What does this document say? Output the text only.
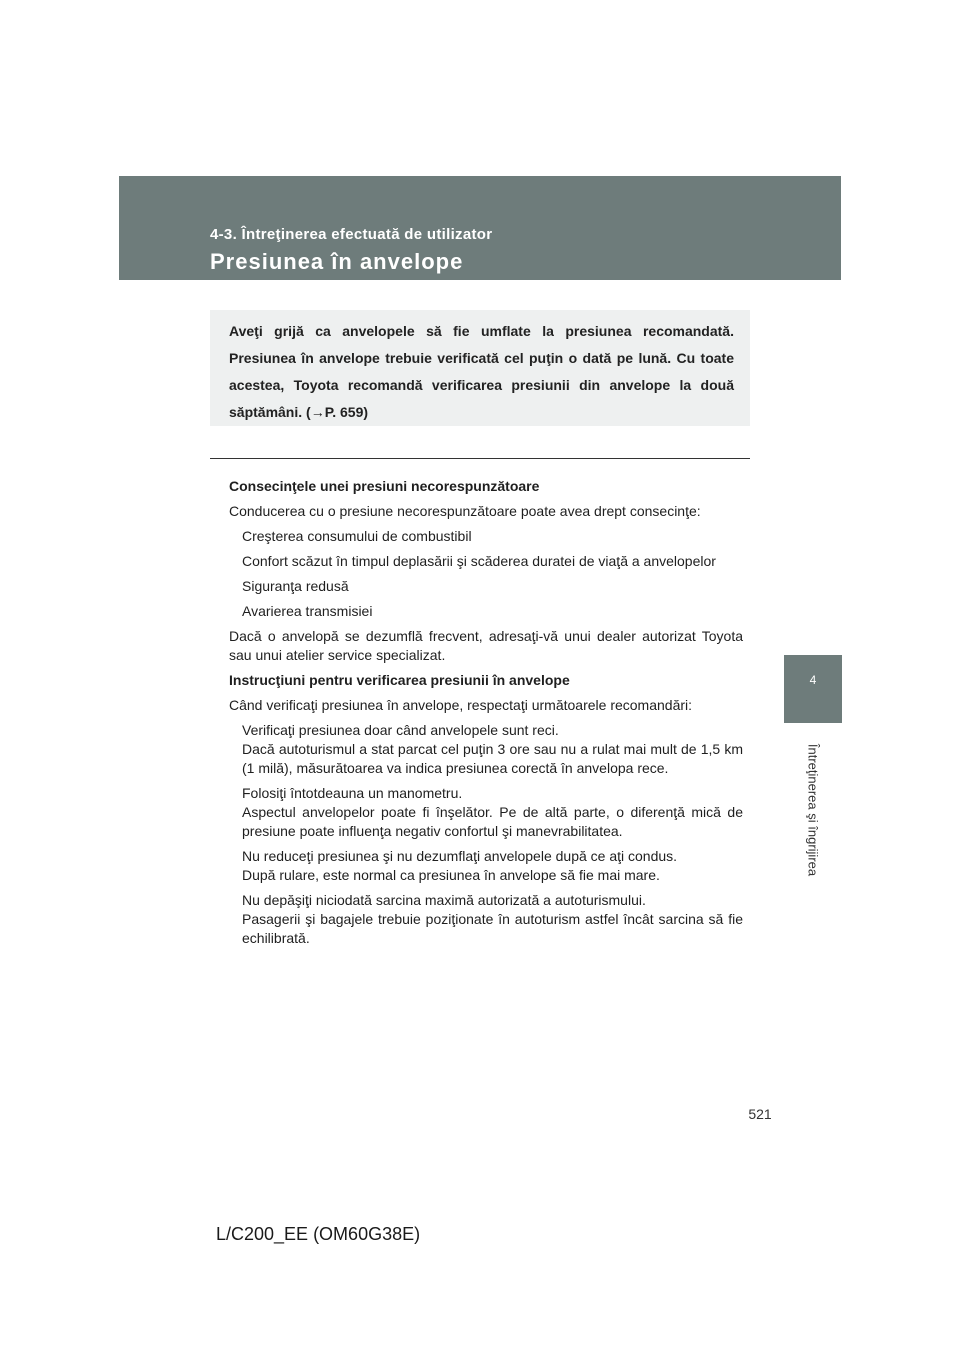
4-3. Întreţinerea efectuată de utilizator
Presiunea în anvelope
Aveţi grijă ca anvelopele să fie umflate la presiunea recomandată. Presiunea în anvelope trebuie verificată cel puţin o dată pe lună. Cu toate acestea, Toyota recomandă verificarea presiunii din anvelope la două săptămâni. (→P. 659)
Consecinţele unei presiuni necorespunzătoare
Conducerea cu o presiune necorespunzătoare poate avea drept consecinţe:
Creşterea consumului de combustibil
Confort scăzut în timpul deplasării şi scăderea duratei de viaţă a anvelopelor
Siguranţa redusă
Avarierea transmisiei
Dacă o anvelopă se dezumflă frecvent, adresaţi-vă unui dealer autorizat Toyota sau unui atelier service specializat.
Instrucţiuni pentru verificarea presiunii în anvelope
Când verificaţi presiunea în anvelope, respectaţi următoarele recomandări:
Verificaţi presiunea doar când anvelopele sunt reci.
Dacă autoturismul a stat parcat cel puţin 3 ore sau nu a rulat mai mult de 1,5 km (1 milă), măsurătoarea va indica presiunea corectă în anvelopa rece.
Folosiţi întotdeauna un manometru.
Aspectul anvelopelor poate fi înşelător. Pe de altă parte, o diferenţă mică de presiune poate influenţa negativ confortul şi manevrabilitatea.
Nu reduceţi presiunea şi nu dezumflaţi anvelopele după ce aţi condus.
După rulare, este normal ca presiunea în anvelope să fie mai mare.
Nu depăşiţi niciodată sarcina maximă autorizată a autoturismului.
Pasagerii şi bagajele trebuie poziţionate în autoturism astfel încât sarcina să fie echilibrată.
4
Întreţinerea şi îngrijirea
521
L/C200_EE (OM60G38E)
